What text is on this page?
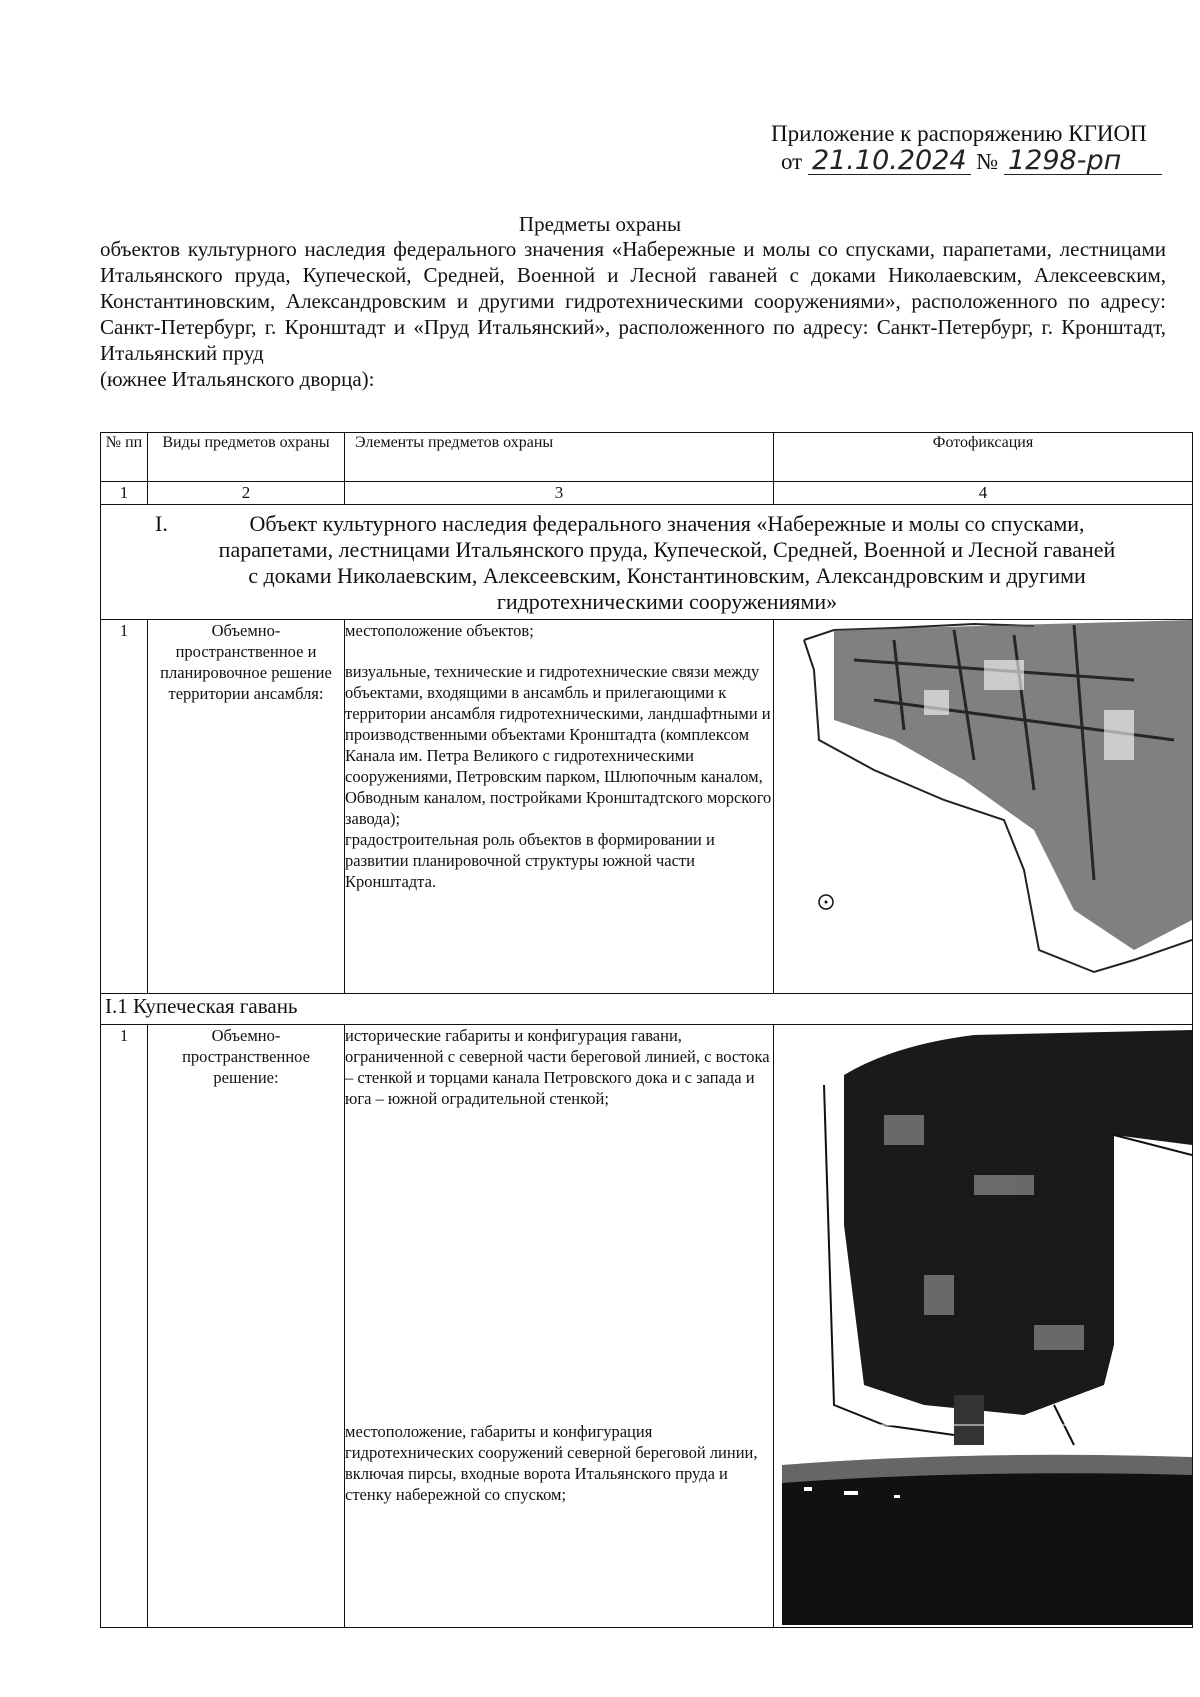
Приложение к распоряжению КГИОП
от 21.10.2024 № 1298-рп
Предметы охраны
объектов культурного наследия федерального значения «Набережные и молы со спусками, парапетами, лестницами Итальянского пруда, Купеческой, Средней, Военной и Лесной гаваней с доками Николаевским, Алексеевским, Константиновским, Александровским и другими гидротехническими сооружениями», расположенного по адресу: Санкт-Петербург, г. Кронштадт и «Пруд Итальянский», расположенного по адресу: Санкт-Петербург, г. Кронштадт, Итальянский пруд
(южнее Итальянского дворца):
№ пп	Виды предметов охраны	Элементы предметов охраны	Фотофиксация
1	2	3	4
I. Объект культурного наследия федерального значения «Набережные и молы со спусками, парапетами, лестницами Итальянского пруда, Купеческой, Средней, Военной и Лесной гаваней с доками Николаевским, Алексеевским, Константиновским, Александровским и другими гидротехническими сооружениями»			
1	Объемно-пространственное и планировочное решение территории ансамбля:	местоположение объектов;

визуальные, технические и гидротехнические связи между объектами, входящими в ансамбль и прилегающими к территории ансамбля гидротехническими, ландшафтными и производственными объектами Кронштадта (комплексом Канала им. Петра Великого с гидротехническими сооружениями, Петровским парком, Шлюпочным каналом, Обводным каналом, постройками Кронштадтского морского завода);

градостроительная роль объектов в формировании и развитии планировочной структуры южной части Кронштадта.

I.1 Купеческая гавань			
1	Объемно-пространственное решение:	исторические габариты и конфигурация гавани, ограниченной с северной части береговой линией, с востока – стенкой и торцами канала Петровского дока и с запада и юга – южной оградительной стенкой;

местоположение, габариты и конфигурация гидротехнических сооружений северной береговой линии, включая пирсы, входные ворота Итальянского пруда и стенку набережной со спуском;
